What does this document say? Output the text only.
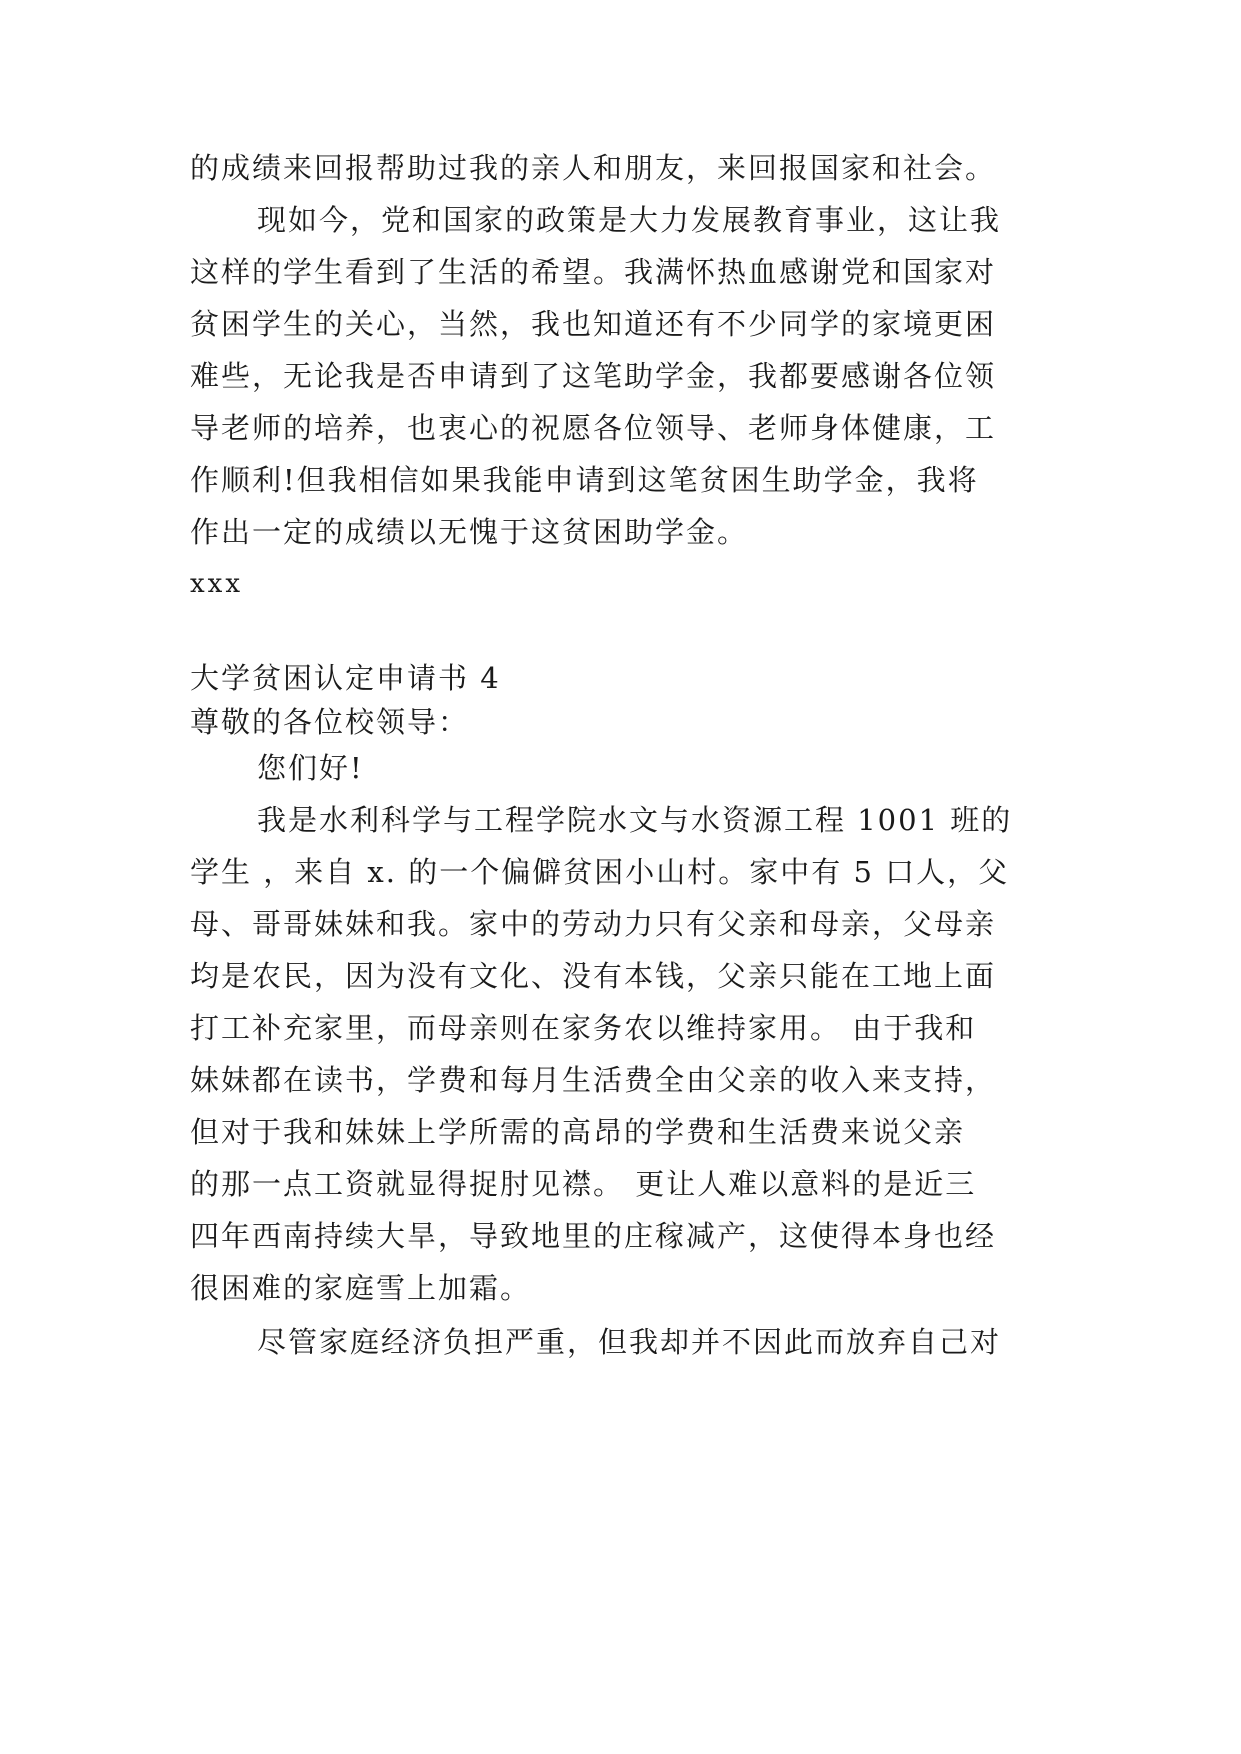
的成绩来回报帮助过我的亲人和朋友，来回报国家和社会。
现如今，党和国家的政策是大力发展教育事业，这让我
这样的学生看到了生活的希望。我满怀热血感谢党和国家对
贫困学生的关心，当然，我也知道还有不少同学的家境更困
难些，无论我是否申请到了这笔助学金，我都要感谢各位领
导老师的培养，也衷心的祝愿各位领导、老师身体健康，工
作顺利!但我相信如果我能申请到这笔贫困生助学金，我将
作出一定的成绩以无愧于这贫困助学金。
xxx
大学贫困认定申请书 4
尊敬的各位校领导：
您们好!
我是水利科学与工程学院水文与水资源工程 1001 班的
学生 ，来自 x. 的一个偏僻贫困小山村。家中有 5 口人，父
母、哥哥妹妹和我。家中的劳动力只有父亲和母亲，父母亲
均是农民，因为没有文化、没有本钱，父亲只能在工地上面
打工补充家里，而母亲则在家务农以维持家用。 由于我和
妹妹都在读书，学费和每月生活费全由父亲的收入来支持，
但对于我和妹妹上学所需的高昂的学费和生活费来说父亲
的那一点工资就显得捉肘见襟。 更让人难以意料的是近三
四年西南持续大旱，导致地里的庄稼减产，这使得本身也经
很困难的家庭雪上加霜。
尽管家庭经济负担严重，但我却并不因此而放弃自己对
